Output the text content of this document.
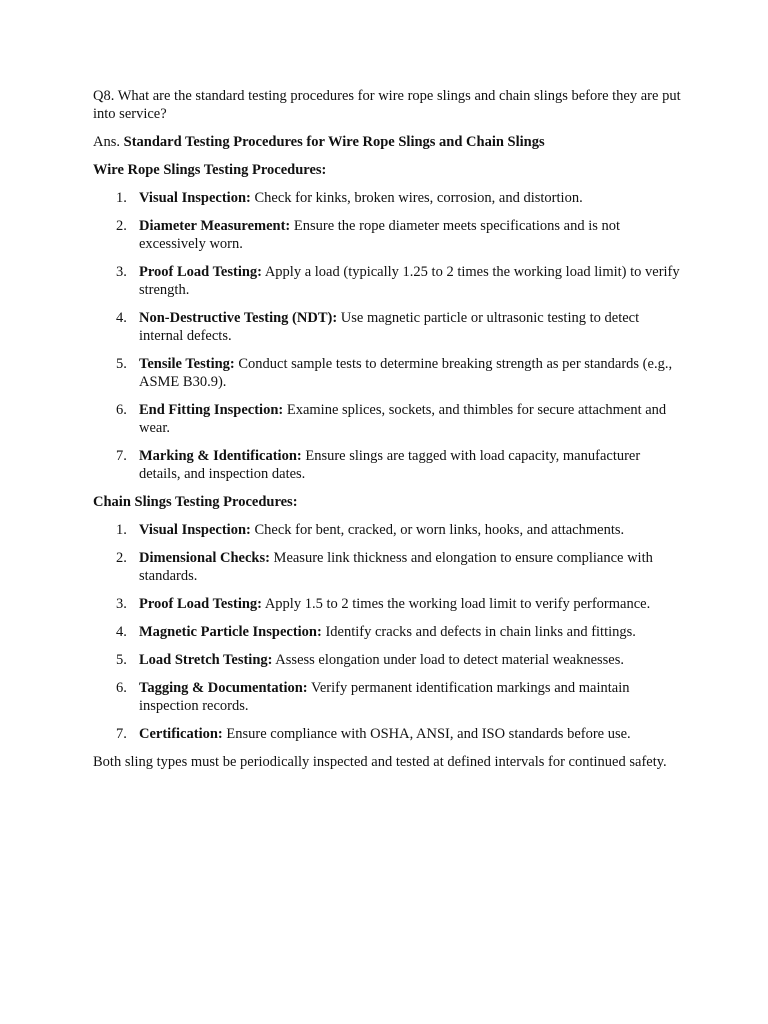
Q8. What are the standard testing procedures for wire rope slings and chain slings before they are put into service?

Ans. Standard Testing Procedures for Wire Rope Slings and Chain Slings

Wire Rope Slings Testing Procedures:

1. Visual Inspection: Check for kinks, broken wires, corrosion, and distortion.
2. Diameter Measurement: Ensure the rope diameter meets specifications and is not excessively worn.
3. Proof Load Testing: Apply a load (typically 1.25 to 2 times the working load limit) to verify strength.
4. Non-Destructive Testing (NDT): Use magnetic particle or ultrasonic testing to detect internal defects.
5. Tensile Testing: Conduct sample tests to determine breaking strength as per standards (e.g., ASME B30.9).
6. End Fitting Inspection: Examine splices, sockets, and thimbles for secure attachment and wear.
7. Marking & Identification: Ensure slings are tagged with load capacity, manufacturer details, and inspection dates.

Chain Slings Testing Procedures:

1. Visual Inspection: Check for bent, cracked, or worn links, hooks, and attachments.
2. Dimensional Checks: Measure link thickness and elongation to ensure compliance with standards.
3. Proof Load Testing: Apply 1.5 to 2 times the working load limit to verify performance.
4. Magnetic Particle Inspection: Identify cracks and defects in chain links and fittings.
5. Load Stretch Testing: Assess elongation under load to detect material weaknesses.
6. Tagging & Documentation: Verify permanent identification markings and maintain inspection records.
7. Certification: Ensure compliance with OSHA, ANSI, and ISO standards before use.

Both sling types must be periodically inspected and tested at defined intervals for continued safety.
